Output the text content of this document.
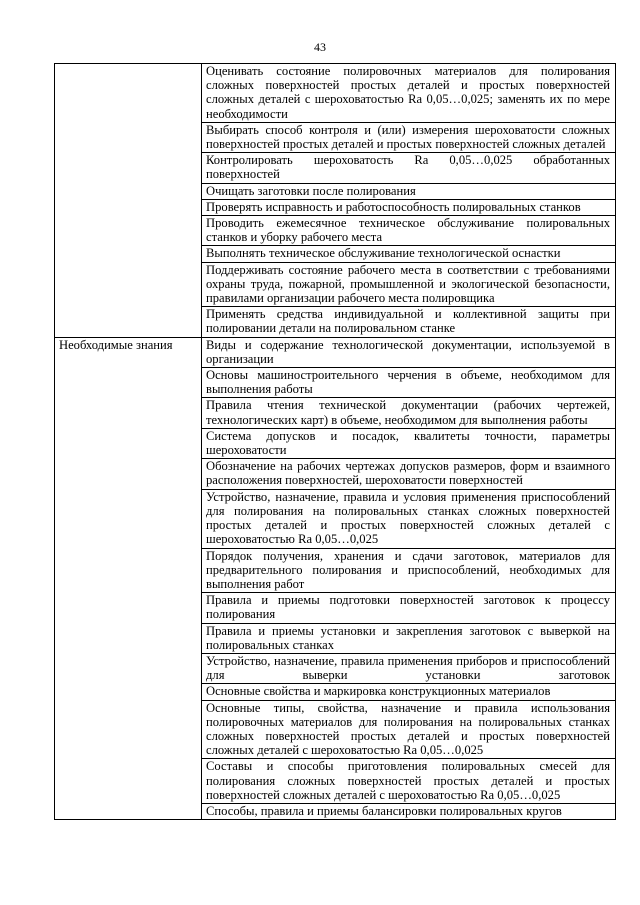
43
	Оценивать состояние полировочных материалов для полирования сложных поверхностей простых деталей и простых поверхностей сложных деталей с шероховатостью Ra 0,05…0,025; заменять их по мере необходимости
	Выбирать способ контроля и (или) измерения шероховатости сложных поверхностей простых деталей и простых поверхностей сложных деталей
	Контролировать шероховатость Ra 0,05…0,025 обработанных поверхностей
	Очищать заготовки после полирования
	Проверять исправность и работоспособность полировальных станков
	Проводить ежемесячное техническое обслуживание полировальных станков и уборку рабочего места
	Выполнять техническое обслуживание технологической оснастки
	Поддерживать состояние рабочего места в соответствии с требованиями охраны труда, пожарной, промышленной и экологической безопасности, правилами организации рабочего места полировщика
	Применять средства индивидуальной и коллективной защиты при полировании детали на полировальном станке
Необходимые знания	Виды и содержание технологической документации, используемой в организации
	Основы машиностроительного черчения в объеме, необходимом для выполнения работы
	Правила чтения технической документации (рабочих чертежей, технологических карт) в объеме, необходимом для выполнения работы
	Система допусков и посадок, квалитеты точности, параметры шероховатости
	Обозначение на рабочих чертежах допусков размеров, форм и взаимного расположения поверхностей, шероховатости поверхностей
	Устройство, назначение, правила и условия применения приспособлений для полирования на полировальных станках сложных поверхностей простых деталей и простых поверхностей сложных деталей с шероховатостью Ra 0,05…0,025
	Порядок получения, хранения и сдачи заготовок, материалов для предварительного полирования и приспособлений, необходимых для выполнения работ
	Правила и приемы подготовки поверхностей заготовок к процессу полирования
	Правила и приемы установки и закрепления заготовок с выверкой на полировальных станках
	Устройство, назначение, правила применения приборов и приспособлений для выверки установки заготовок
	Основные свойства и маркировка конструкционных материалов
	Основные типы, свойства, назначение и правила использования полировочных материалов для полирования на полировальных станках сложных поверхностей простых деталей и простых поверхностей сложных деталей с шероховатостью Ra 0,05…0,025
	Составы и способы приготовления полировальных смесей для полирования сложных поверхностей простых деталей и простых поверхностей сложных деталей с шероховатостью Ra 0,05…0,025
	Способы, правила и приемы балансировки полировальных кругов
